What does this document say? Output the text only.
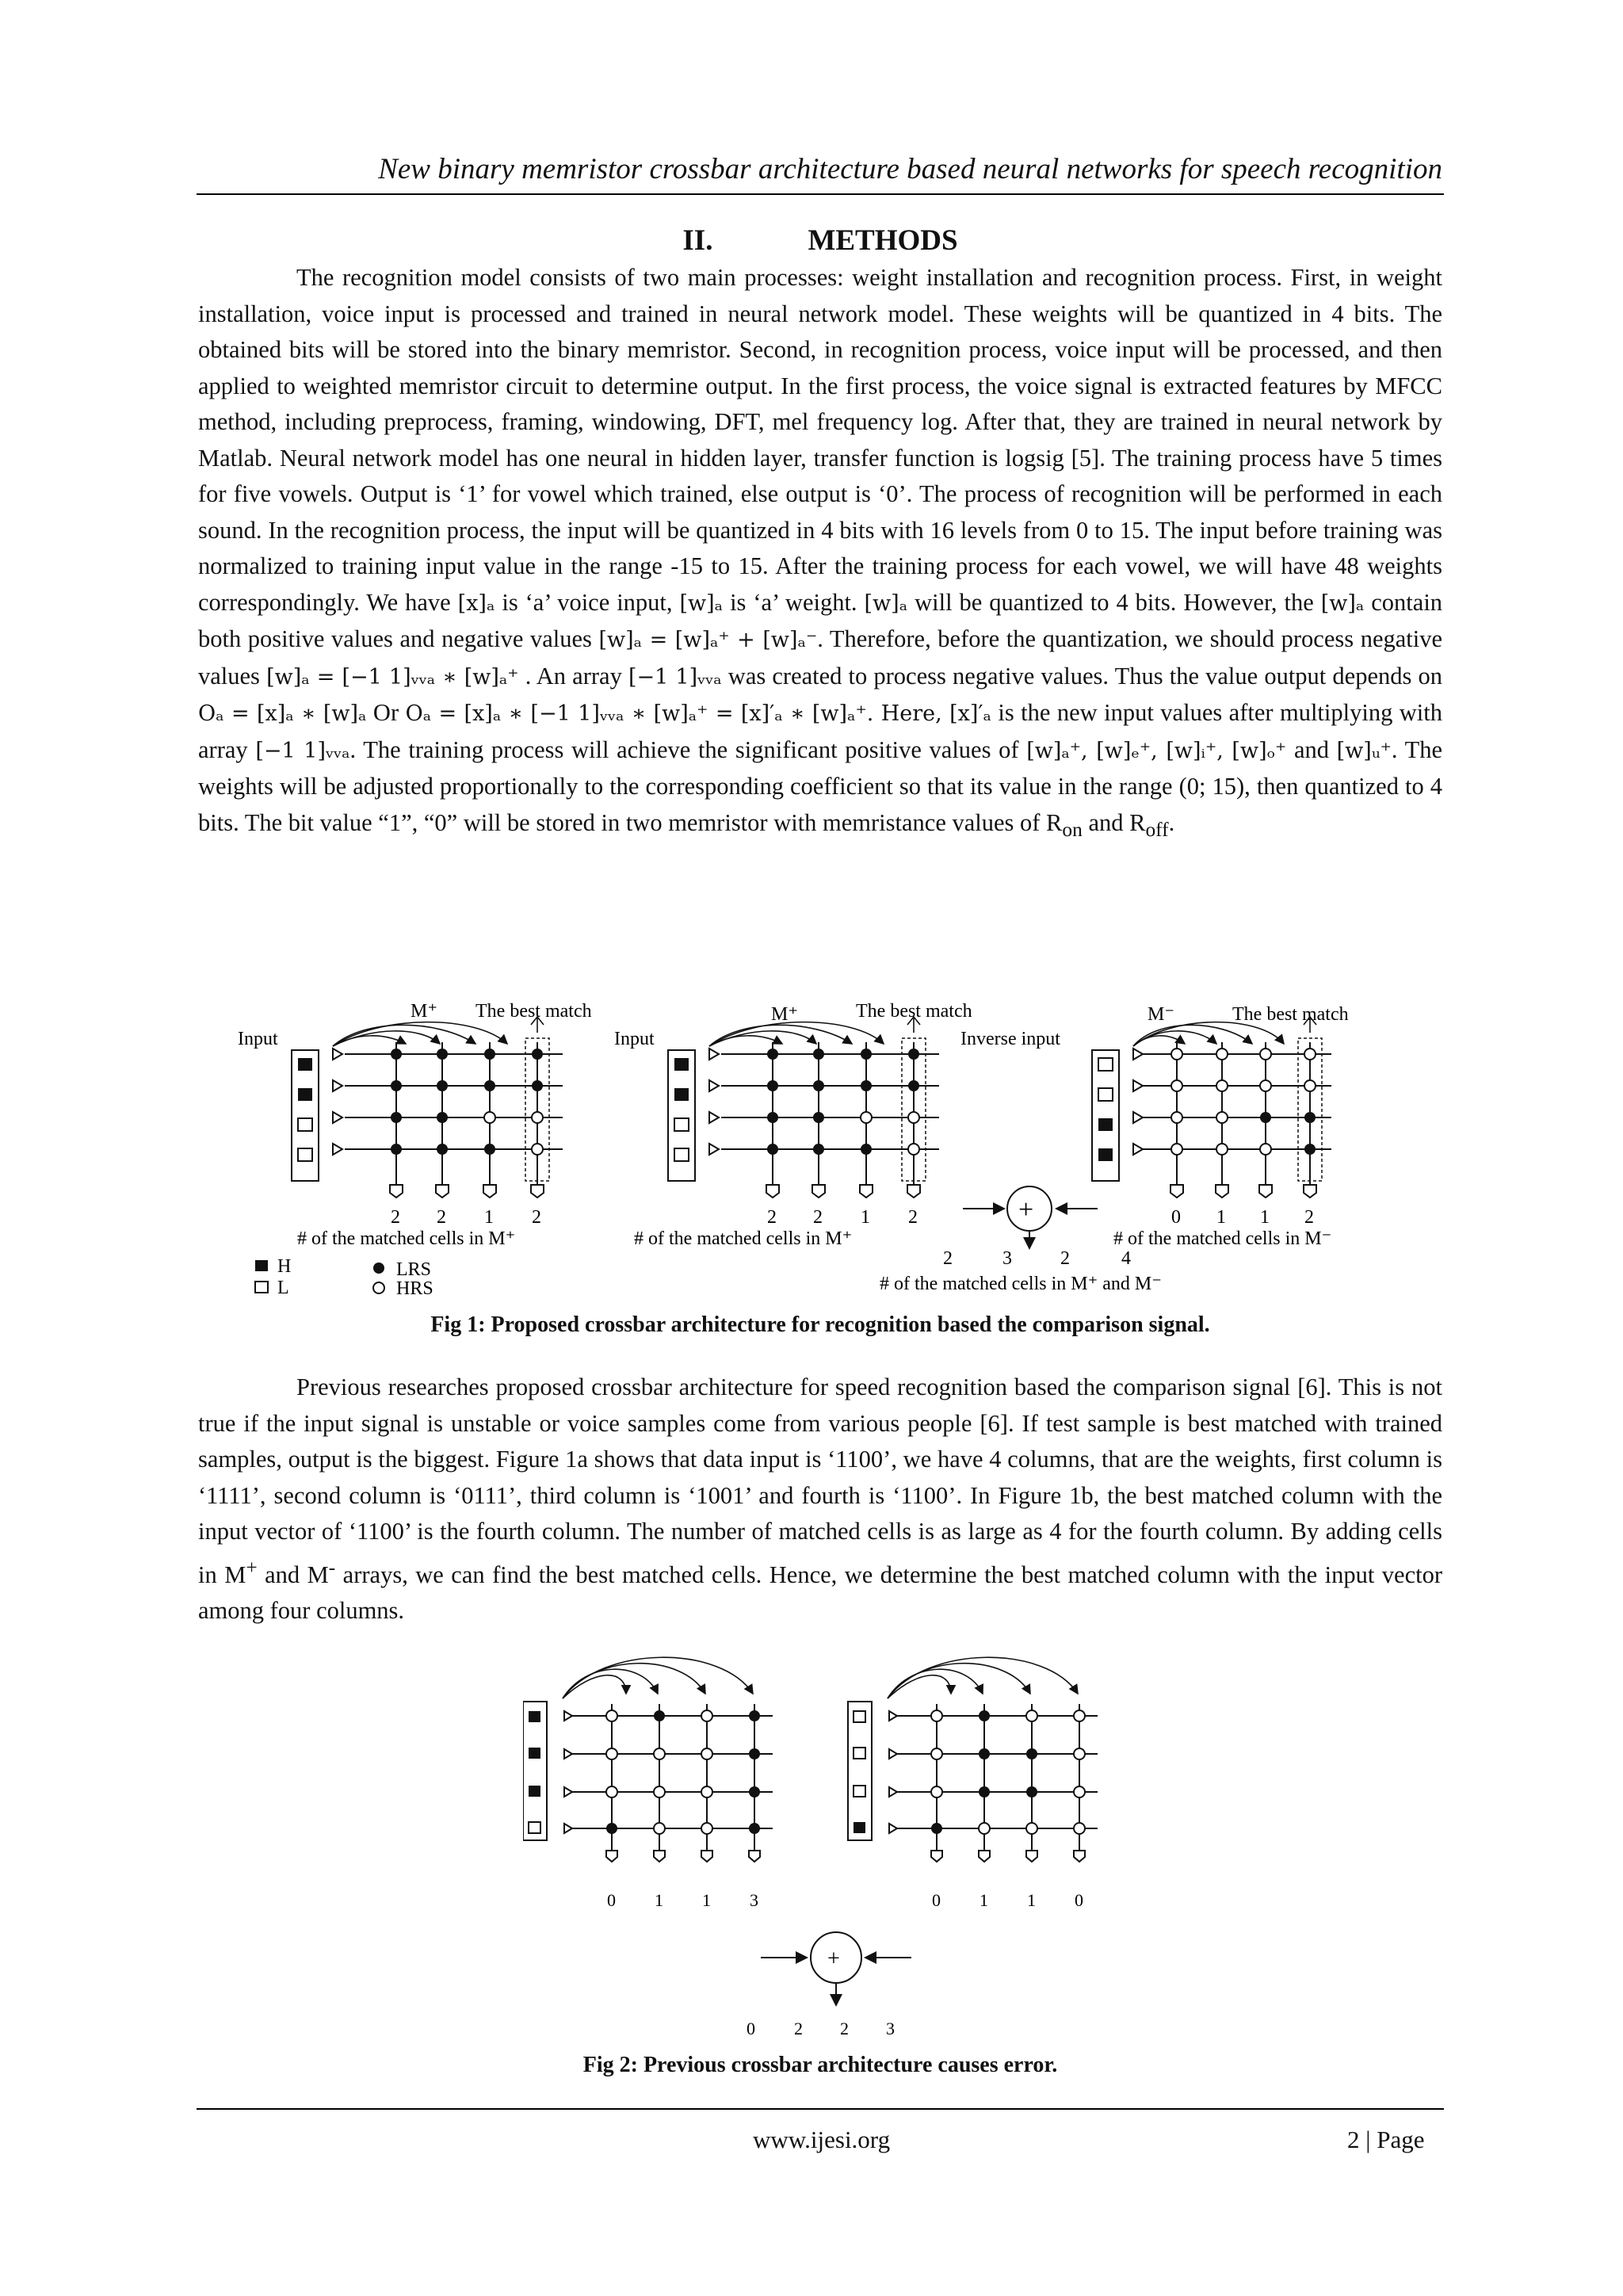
New binary memristor crossbar architecture based neural networks for speech recognition
II.	METHODS

The recognition model consists of two main processes: weight installation and recognition process. First, in weight installation, voice input is processed and trained in neural network model. These weights will be quantized in 4 bits. The obtained bits will be stored into the binary memristor. Second, in recognition process, voice input will be processed, and then applied to weighted memristor circuit to determine output. In the first process, the voice signal is extracted features by MFCC method, including preprocess, framing, windowing, DFT, mel frequency log. After that, they are trained in neural network by Matlab. Neural network model has one neural in hidden layer, transfer function is logsig [5]. The training process have 5 times for five vowels. Output is ‘1’ for vowel which trained, else output is ‘0’. The process of recognition will be performed in each sound. In the recognition process, the input will be quantized in 4 bits with 16 levels from 0 to 15. The input before training was normalized to training input value in the range -15 to 15. After the training process for each vowel, we will have 48 weights correspondingly. We have [x]ₐ is ‘a’ voice input, [w]ₐ is ‘a’ weight. [w]ₐ will be quantized to 4 bits. However, the [w]ₐ contain both positive values and negative values [w]ₐ = [w]ₐ⁺ + [w]ₐ⁻. Therefore, before the quantization, we should process negative values [w]ₐ = [−1 1]ᵥᵥₐ ∗ [w]ₐ⁺ . An array [−1 1]ᵥᵥₐ was created to process negative values. Thus the value output depends on Oₐ = [x]ₐ ∗ [w]ₐ Or Oₐ = [x]ₐ ∗ [−1 1]ᵥᵥₐ ∗ [w]ₐ⁺ = [x]′ₐ ∗ [w]ₐ⁺. Here, [x]′ₐ is the new input values after multiplying with array [−1 1]ᵥᵥₐ. The training process will achieve the significant positive values of [w]ₐ⁺, [w]ₑ⁺, [w]ᵢ⁺, [w]ₒ⁺ and [w]ᵤ⁺. The weights will be adjusted proportionally to the corresponding coefficient so that its value in the range (0; 15), then quantized to 4 bits. The bit value “1”, “0” will be stored in two memristor with memristance values of $R_{on}$ and $R_{off}$.

Input
M⁺ The best match
2 2 1 2
# of the matched cells in M⁺
Input
M⁺	The best match
2 2 1 2
# of the matched cells in M⁺
+
Inverse input
M⁻	The best match
0 1 1 2
# of the matched cells in M⁻
2	3	2	4
# of the matched cells in M⁺ and M⁻
H
L
LRS
HRS
Fig 1: Proposed crossbar architecture for recognition based the comparison signal.

Previous researches proposed crossbar architecture for speed recognition based the comparison signal [6]. This is not true if the input signal is unstable or voice samples come from various people [6]. If test sample is best matched with trained samples, output is the biggest. Figure 1a shows that data input is ‘1100’, we have 4 columns, that are the weights, first column is ‘1111’, second column is ‘0111’, third column is ‘1001’ and fourth is ‘1100’. In Figure 1b, the best matched column with the input vector of ‘1100’ is the fourth column. The number of matched cells is as large as 4 for the fourth column. By adding cells in M+ and M- arrays, we can find the best matched cells. Hence, we determine the best matched column with the input vector among four columns.

0 1 1 3	0 1 1 0
+
0 2 2 3
Fig 2: Previous crossbar architecture causes error.
www.ijesi.org	2 | Page
